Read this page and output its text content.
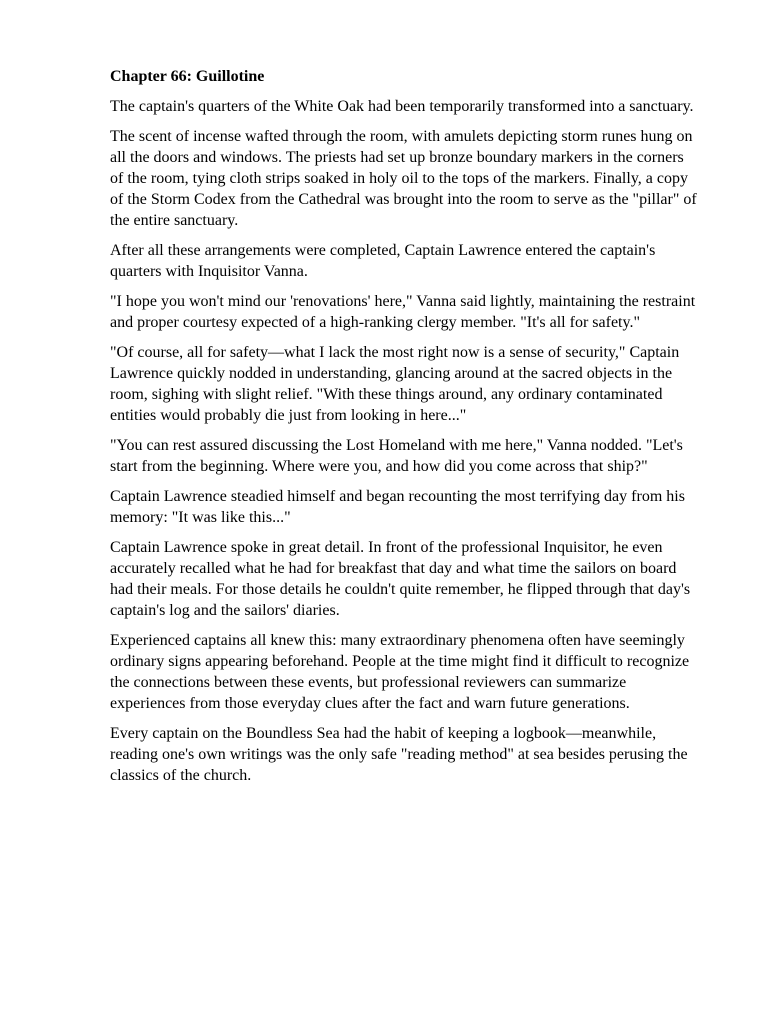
Chapter 66: Guillotine

The captain's quarters of the White Oak had been temporarily transformed into a sanctuary.

The scent of incense wafted through the room, with amulets depicting storm runes hung on all the doors and windows. The priests had set up bronze boundary markers in the corners of the room, tying cloth strips soaked in holy oil to the tops of the markers. Finally, a copy of the Storm Codex from the Cathedral was brought into the room to serve as the "pillar" of the entire sanctuary.

After all these arrangements were completed, Captain Lawrence entered the captain's quarters with Inquisitor Vanna.

"I hope you won't mind our 'renovations' here," Vanna said lightly, maintaining the restraint and proper courtesy expected of a high-ranking clergy member. "It's all for safety."

"Of course, all for safety—what I lack the most right now is a sense of security," Captain Lawrence quickly nodded in understanding, glancing around at the sacred objects in the room, sighing with slight relief. "With these things around, any ordinary contaminated entities would probably die just from looking in here..."

"You can rest assured discussing the Lost Homeland with me here," Vanna nodded. "Let's start from the beginning. Where were you, and how did you come across that ship?"

Captain Lawrence steadied himself and began recounting the most terrifying day from his memory: "It was like this..."

Captain Lawrence spoke in great detail. In front of the professional Inquisitor, he even accurately recalled what he had for breakfast that day and what time the sailors on board had their meals. For those details he couldn't quite remember, he flipped through that day's captain's log and the sailors' diaries.

Experienced captains all knew this: many extraordinary phenomena often have seemingly ordinary signs appearing beforehand. People at the time might find it difficult to recognize the connections between these events, but professional reviewers can summarize experiences from those everyday clues after the fact and warn future generations.

Every captain on the Boundless Sea had the habit of keeping a logbook—meanwhile, reading one's own writings was the only safe "reading method" at sea besides perusing the classics of the church.
